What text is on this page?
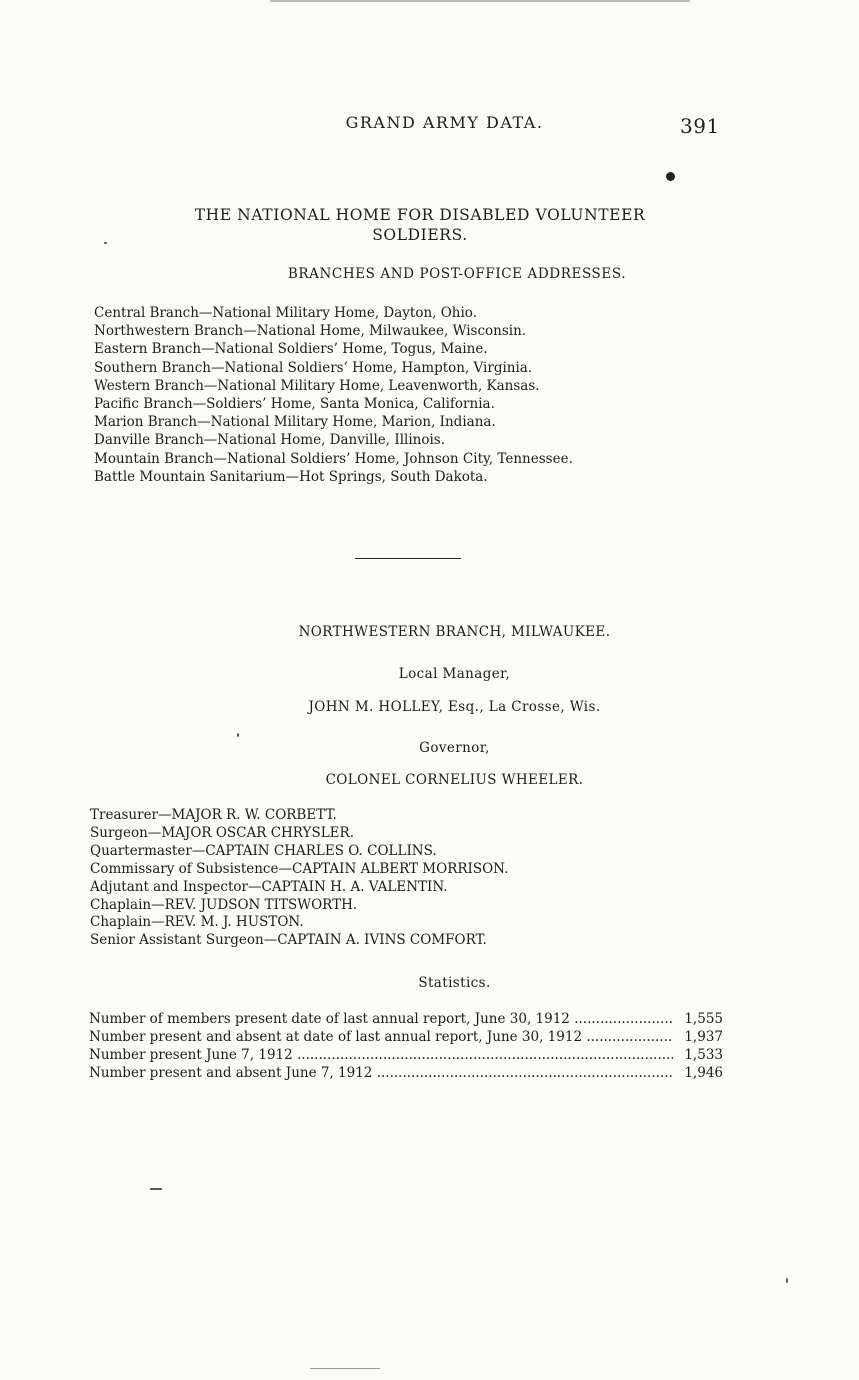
GRAND ARMY DATA.	391
THE NATIONAL HOME FOR DISABLED VOLUNTEER
SOLDIERS.
BRANCHES AND POST-OFFICE ADDRESSES.
Central Branch—National Military Home, Dayton, Ohio.
Northwestern Branch—National Home, Milwaukee, Wisconsin.
Eastern Branch—National Soldiers’ Home, Togus, Maine.
Southern Branch—National Soldiers’ Home, Hampton, Virginia.
Western Branch—National Military Home, Leavenworth, Kansas.
Pacific Branch—Soldiers’ Home, Santa Monica, California.
Marion Branch—National Military Home, Marion, Indiana.
Danville Branch—National Home, Danville, Illinois.
Mountain Branch—National Soldiers’ Home, Johnson City, Tennessee.
Battle Mountain Sanitarium—Hot Springs, South Dakota.
NORTHWESTERN BRANCH, MILWAUKEE.
Local Manager,
JOHN M. HOLLEY, Esq., La Crosse, Wis.
Governor,
COLONEL CORNELIUS WHEELER.
Treasurer—MAJOR R. W. CORBETT.
Surgeon—MAJOR OSCAR CHRYSLER.
Quartermaster—CAPTAIN CHARLES O. COLLINS.
Commissary of Subsistence—CAPTAIN ALBERT MORRISON.
Adjutant and Inspector—CAPTAIN H. A. VALENTIN.
Chaplain—REV. JUDSON TITSWORTH.
Chaplain—REV. M. J. HUSTON.
Senior Assistant Surgeon—CAPTAIN A. IVINS COMFORT.
Statistics.
Number of members present date of last annual report, June 30, 1912 .....	1,555
Number present and absent at date of last annual report, June 30, 1912 .....	1,937
Number present June 7, 1912 .....	1,533
Number present and absent June 7, 1912 .....	1,946
